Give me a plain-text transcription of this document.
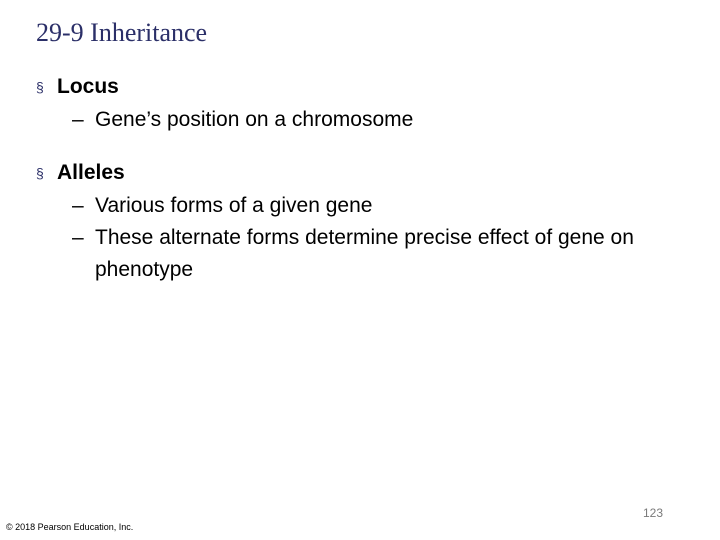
29-9 Inheritance
§ Locus
– Gene’s position on a chromosome
§ Alleles
– Various forms of a given gene
– These alternate forms determine precise effect of gene on phenotype
123
© 2018 Pearson Education, Inc.
